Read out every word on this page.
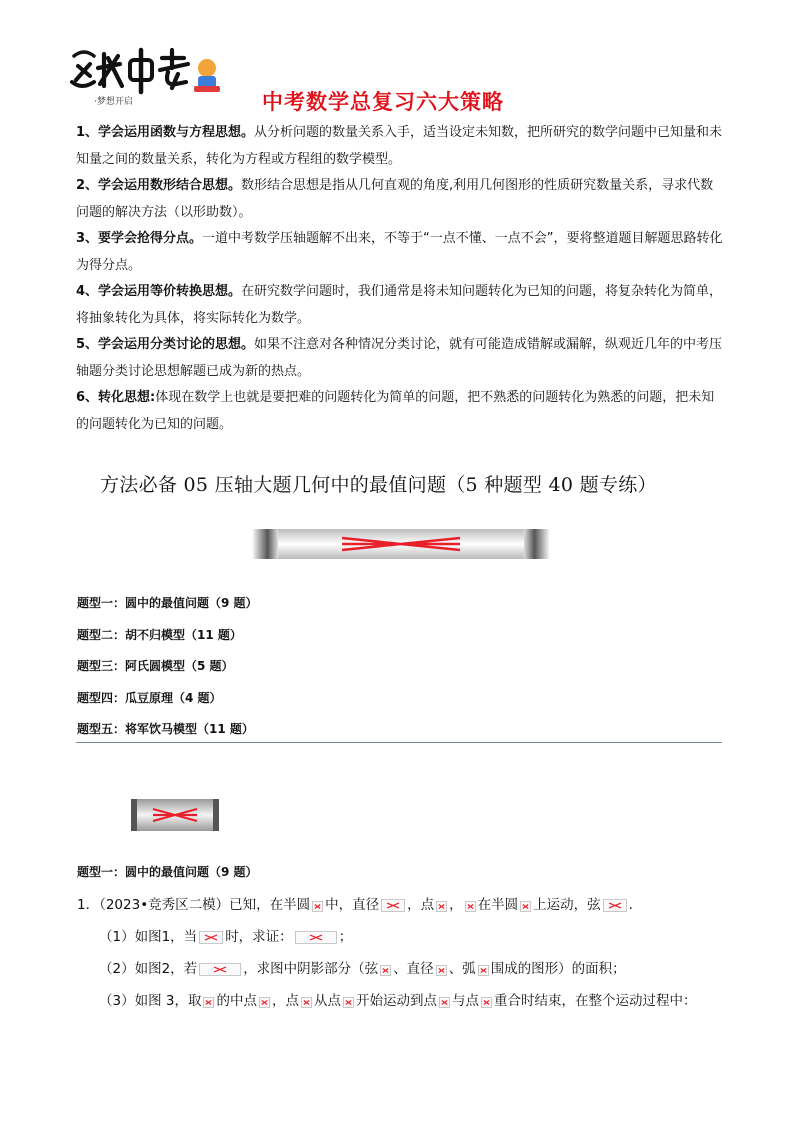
·梦想开启	中考数学总复习六大策略

1、学会运用函数与方程思想。从分析问题的数量关系入手，适当设定未知数，把所研究的数学问题中已知量和未知量之间的数量关系，转化为方程或方程组的数学模型。

2、学会运用数形结合思想。数形结合思想是指从几何直观的角度,利用几何图形的性质研究数量关系，寻求代数问题的解决方法（以形助数）。

3、要学会抢得分点。一道中考数学压轴题解不出来，不等于“一点不懂、一点不会”，要将整道题目解题思路转化为得分点。

4、学会运用等价转换思想。在研究数学问题时，我们通常是将未知问题转化为已知的问题，将复杂转化为简单，将抽象转化为具体，将实际转化为数学。

5、学会运用分类讨论的思想。如果不注意对各种情况分类讨论，就有可能造成错解或漏解，纵观近几年的中考压轴题分类讨论思想解题已成为新的热点。

6、转化思想:体现在数学上也就是要把难的问题转化为简单的问题，把不熟悉的问题转化为熟悉的问题，把未知的问题转化为已知的问题。

方法必备 05 压轴大题几何中的最值问题（5 种题型 40 题专练）
题型一：圆中的最值问题（9 题）
题型二：胡不归模型（11 题）
题型三：阿氏圆模型（5 题）
题型四：瓜豆原理（4 题）
题型五：将军饮马模型（11 题）
题型一：圆中的最值问题（9 题）
1．（2023•竞秀区二模）已知，在半圆 中，直径 ，点 ， 在半圆 上运动，弦 ．
（1）如图1，当 时，求证：	；
（2）如图2，若	，求图中阴影部分（弦 、直径 、弧 围成的图形）的面积；
（3）如图 3，取 的中点 ，点 从点 开始运动到点 与点 重合时结束，在整个运动过程中：
